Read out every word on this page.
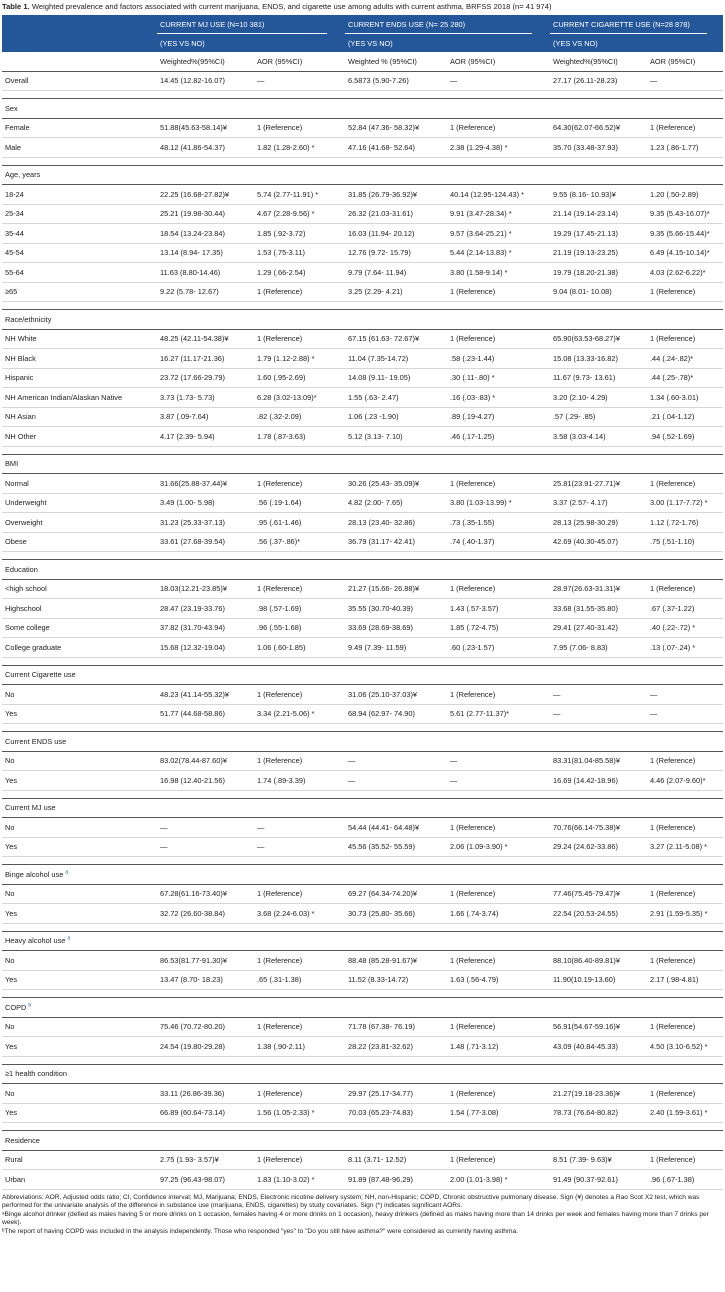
Table 1. Weighted prevalence and factors associated with current marijuana, ENDS, and cigarette use among adults with current asthma, BRFSS 2018 (n= 41 974)
CURRENT MJ USE (N=10 381)	CURRENT ENDS USE (N= 25 280)	CURRENT CIGARETTE USE (N=28 878)
(YES VS NO)	(YES VS NO)	(YES VS NO)
Weighted%(95%CI)	AOR (95%CI)	Weighted % (95%CI)	AOR (95%CI)	Weighted%(95%CI)	AOR (95%CI)
Overall	14.45 (12.82-16.07)	—	6.5873 (5.90-7.26)	—	27.17 (26.11-28.23)	—
Sex
Female	51.88(45.63-58.14)¥	1 (Reference)	52.84 (47.36- 58.32)¥	1 (Reference)	64.30(62.07-66.52)¥	1 (Reference)
Male	48.12 (41.86-54.37)	1.82 (1.28-2.60) *	47.16 (41.68- 52.64)	2.38 (1.29-4.38) *	35.70 (33.48-37.93)	1.23 (.86-1.77)
Age, years
18-24	22.25 (16.68-27.82)¥	5.74 (2.77-11.91) *	31.85 (26.79-36.92)¥	40.14 (12.95-124.43) *	9.55 (8.16- 10.93)¥	1.20 (.50-2.89)
25-34	25.21 (19.98-30.44)	4.67 (2.28-9.56) *	26.32 (21.03-31.61)	9.91 (3.47-28.34) *	21.14 (19.14-23.14)	9.35 (5.43-16.07)*
35-44	18.54 (13.24-23.84)	1.85 (.92-3.72)	16.03 (11.94- 20.12)	9.57 (3.64-25.21) *	19.29 (17.45-21.13)	9.35 (5.66-15.44)*
45-54	13.14 (8.94- 17.35)	1.53 (.75-3.11)	12.76 (9.72- 15.79)	5.44 (2.14-13.83) *	21.19 (19.13-23.25)	6.49 (4.15-10.14)*
55-64	11.63 (8.80-14.46)	1.29 (.66-2.54)	9.79 (7.64- 11.94)	3.80 (1.58-9.14) *	19.79 (18.20-21.38)	4.03 (2.62-6.22)*
≥65	9.22 (5.78- 12.67)	1 (Reference)	3.25 (2.29- 4.21)	1 (Reference)	9.04 (8.01- 10.08)	1 (Reference)
Race/ethnicity
NH White	48.25 (42.11-54.38)¥	1 (Reference)	67.15 (61.63- 72.67)¥	1 (Reference)	65.90(63.53-68.27)¥	1 (Reference)
NH Black	16.27 (11.17-21.36)	1.79 (1.12-2.88) *	11.04 (7.35-14.72)	.58 (.23-1.44)	15.08 (13.33-16.82)	.44 (.24-.82)*
Hispanic	23.72 (17.66-29.79)	1.60 (.95-2.69)	14.08 (9.11- 19.05)	.30 (.11-.80) *	11.67 (9.73- 13.61)	.44 (.25-.78)*
NH American Indian/Alaskan Native	3.73 (1.73- 5.73)	6.28 (3.02-13.09)*	1.55 (.63- 2.47)	.16 (.03-.83) *	3.20 (2.10- 4.29)	1.34 (.60-3.01)
NH Asian	3.87 (.09-7.64)	.82 (.32-2.09)	1.06 (.23 -1.90)	.89 (.19-4.27)	.57 (.29- .85)	.21 (.04-1.12)
NH Other	4.17 (2.39- 5.94)	1.78 (.87-3.63)	5.12 (3.13- 7.10)	.46 (.17-1.25)	3.58 (3.03-4.14)	.94 (.52-1.69)
BMI
Normal	31.66(25.88-37.44)¥	1 (Reference)	30.26 (25.43- 35.09)¥	1 (Reference)	25.81(23.91-27.71)¥	1 (Reference)
Underweight	3.49 (1.00- 5.98)	.56 (.19-1.64)	4.82 (2.00- 7.65)	3.80 (1.03-13.99) *	3.37 (2.57- 4.17)	3.00 (1.17-7.72) *
Overweight	31.23 (25.33-37.13)	.95 (.61-1.46)	28.13 (23.40- 32.86)	.73 (.35-1.55)	28.13 (25.98-30.29)	1.12 (.72-1.76)
Obese	33.61 (27.68-39.54)	.56 (.37-.86)*	36.79 (31.17- 42.41)	.74 (.40-1.37)	42.69 (40.30-45.07)	.75 (.51-1.10)
Education
<high school	18.03(12.21-23.85)¥	1 (Reference)	21.27 (15.66- 26.88)¥	1 (Reference)	28.97(26.63-31.31)¥	1 (Reference)
Highschool	28.47 (23.19-33.76)	.98 (.57-1.69)	35.55 (30.70-40.39)	1.43 (.57-3.57)	33.68 (31.55-35.80)	.67 (.37-1.22)
Some college	37.82 (31.70-43.94)	.96 (.55-1.68)	33.69 (28.69-38.69)	1.85 (.72-4.75)	29.41 (27.40-31.42)	.40 (.22-.72) *
College graduate	15.68 (12.32-19.04)	1.06 (.60-1.85)	9.49 (7.39- 11.59)	.60 (.23-1.57)	7.95 (7.06- 8.83)	.13 (.07-.24) *
Current Cigarette use
No	48.23 (41.14-55.32)¥	1 (Reference)	31.06 (25.10-37.03)¥	1 (Reference)	—	—
Yes	51.77 (44.68-58.86)	3.34 (2.21-5.06) *	68.94 (62.97- 74.90)	5.61 (2.77-11.37)*	—	—
Current ENDS use
No	83.02(78.44-87.60)¥	1 (Reference)	—	—	83.31(81.04-85.58)¥	1 (Reference)
Yes	16.98 (12.40-21.56)	1.74 (.89-3.39)	—	—	16.69 (14.42-18.96)	4.46 (2.07-9.60)*
Current MJ use
No	—	—	54.44 (44.41- 64.48)¥	1 (Reference)	70.76(66.14-75.38)¥	1 (Reference)
Yes	—	—	45.56 (35.52- 55.59)	2.06 (1.09-3.90) *	29.24 (24.62-33.86)	3.27 (2.11-5.08) *
Binge alcohol use $^a$
No	67.28(61.16-73.40)¥	1 (Reference)	69.27 (64.34-74.20)¥	1 (Reference)	77.46(75.45-79.47)¥	1 (Reference)
Yes	32.72 (26.60-38.84)	3.68 (2.24-6.03) *	30.73 (25.80- 35.66)	1.66 (.74-3.74)	22.54 (20.53-24.55)	2.91 (1.59-5.35) *
Heavy alcohol use $^a$
No	86.53(81.77-91.30)¥	1 (Reference)	88.48 (85.28-91.67)¥	1 (Reference)	88.10(86.40-89.81)¥	1 (Reference)
Yes	13.47 (8.70- 18.23)	.65 (.31-1.38)	11.52 (8.33-14.72)	1.63 (.56-4.79)	11.90(10.19-13.60)	2.17 (.98-4.81)
COPD $^b$
No	75.46 (70.72-80.20)	1 (Reference)	71.78 (67.38- 76.19)	1 (Reference)	56.91(54.67-59.16)¥	1 (Reference)
Yes	24.54 (19.80-29.28)	1.38 (.90-2.11)	28.22 (23.81-32.62)	1.48 (.71-3.12)	43.09 (40.84-45.33)	4.50 (3.10-6.52) *
≥1 health condition
No	33.11 (26.86-39.36)	1 (Reference)	29.97 (25.17-34.77)	1 (Reference)	21.27(19.18-23.36)¥	1 (Reference)
Yes	66.89 (60.64-73.14)	1.56 (1.05-2.33) *	70.03 (65.23-74.83)	1.54 (.77-3.08)	78.73 (76.64-80.82)	2.40 (1.59-3.61) *
Residence
Rural	2.75 (1.93- 3.57)¥	1 (Reference)	8.11 (3.71- 12.52)	1 (Reference)	8.51 (7.39- 9.63)¥	1 (Reference)
Urban	97.25 (96.43-98.07)	1.83 (1.10-3.02) *	91.89 (87.48-96.29)	2.00 (1.01-3.98) *	91.49 (90.37-92.61)	.96 (.67-1.38)
Abbreviations: AOR, Adjusted odds ratio; CI, Confidence interval; MJ, Marijuana; ENDS, Electronic nicotine delivery system; NH, non-Hispanic; COPD, Chronic obstructive pulmonary disease. Sign (¥) denotes a Rao Scot X2 test, which was performed for the univariate analysis of the difference in substance use (marijuana, ENDS, cigarettes) by study covariates. Sign (*) indicates significant AORs.
ᵃBinge alcohol drinker (defied as males having 5 or more drinks on 1 occasion, females having 4 or more drinks on 1 occasion), heavy drinkers (defined as males having more than 14 drinks per week and females having more than 7 drinks per week).
ᵇThe report of having COPD was included in the analysis independently. Those who responded "yes" to "Do you still have asthma?" were considered as currently having asthma.
